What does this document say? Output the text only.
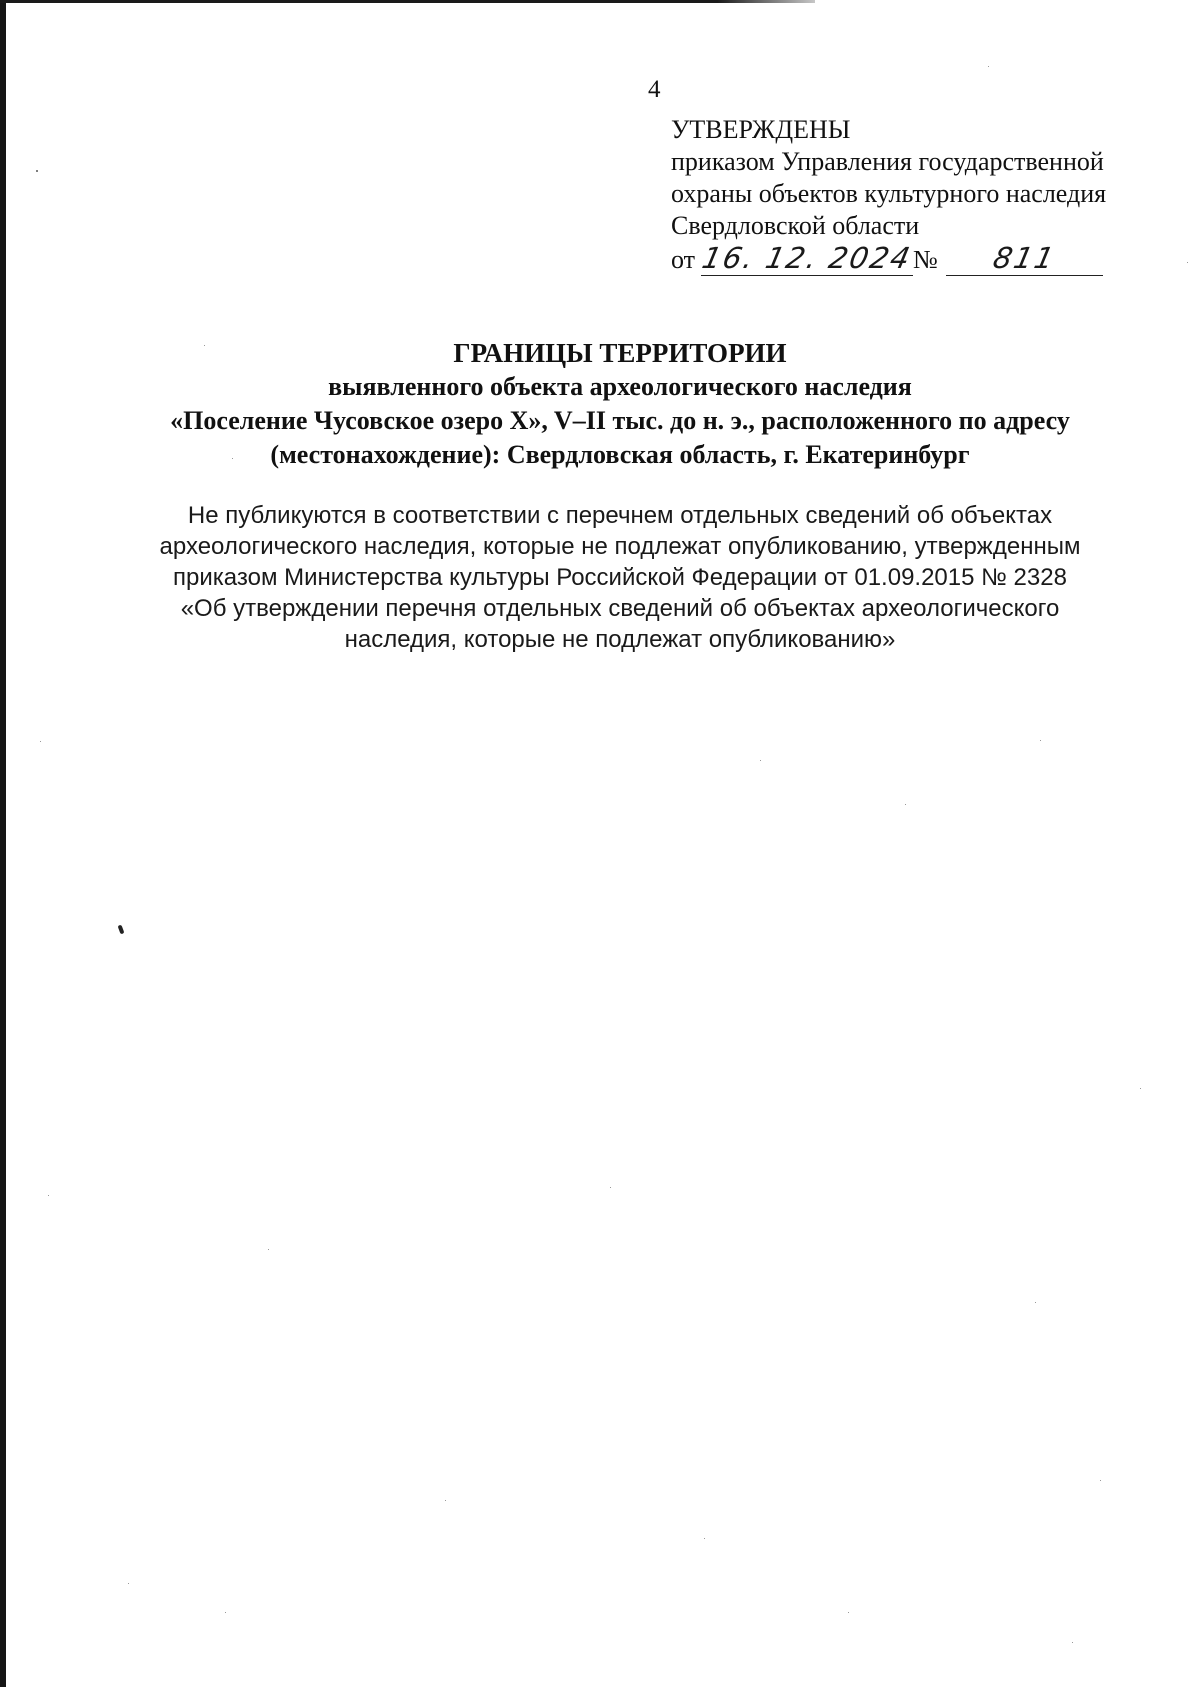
4
УТВЕРЖДЕНЫ
приказом Управления государственной
охраны объектов культурного наследия
Свердловской области
от 16. 12. 2024
№	811
ГРАНИЦЫ ТЕРРИТОРИИ
выявленного объекта археологического наследия
«Поселение Чусовское озеро X», V–II тыс. до н. э., расположенного по адресу
(местонахождение): Свердловская область, г. Екатеринбург
Не публикуются в соответствии с перечнем отдельных сведений об объектах
археологического наследия, которые не подлежат опубликованию, утвержденным
приказом Министерства культуры Российской Федерации от 01.09.2015 № 2328
«Об утверждении перечня отдельных сведений об объектах археологического
наследия, которые не подлежат опубликованию»
